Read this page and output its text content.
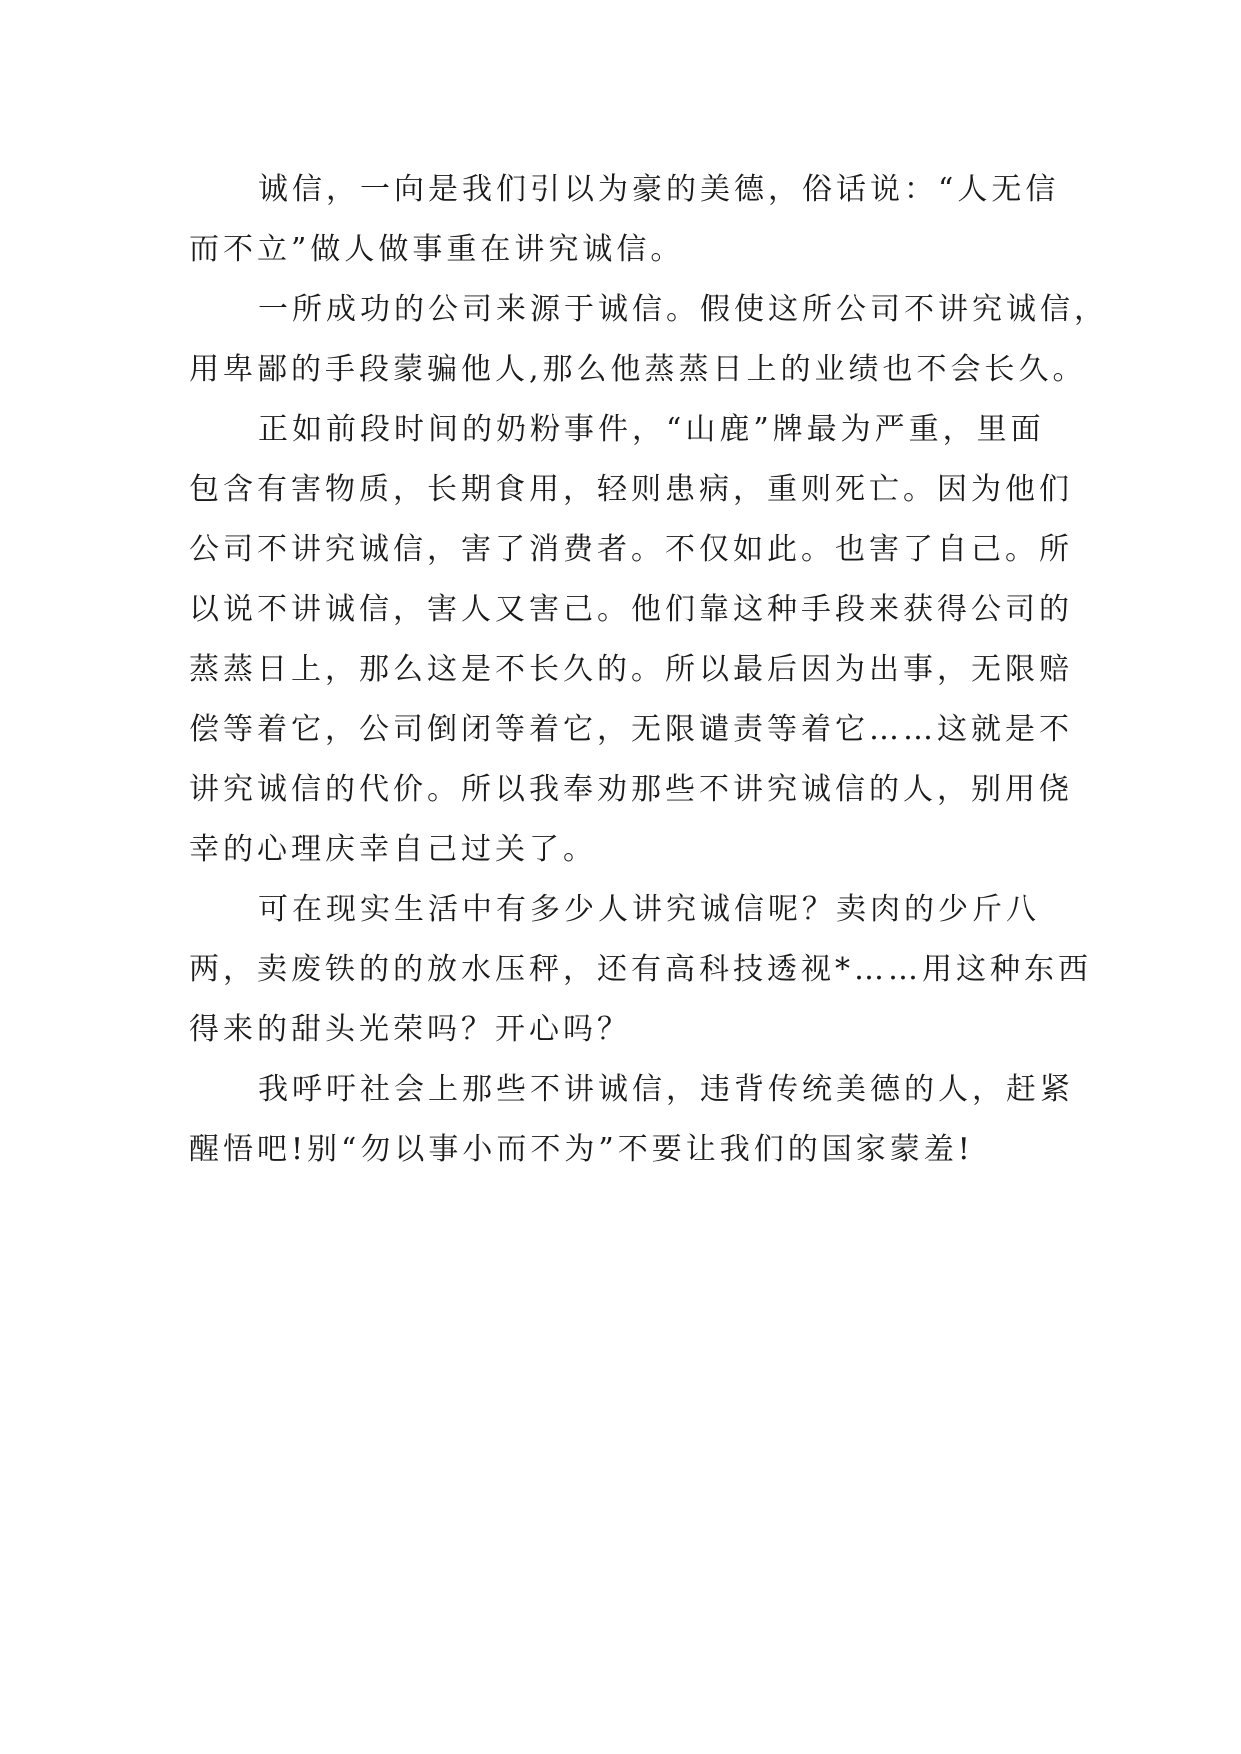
诚信，一向是我们引以为豪的美德，俗话说：“人无信
而不立”做人做事重在讲究诚信。
一所成功的公司来源于诚信。假使这所公司不讲究诚信，
用卑鄙的手段蒙骗他人,那么他蒸蒸日上的业绩也不会长久。
正如前段时间的奶粉事件，“山鹿”牌最为严重，里面
包含有害物质，长期食用，轻则患病，重则死亡。因为他们
公司不讲究诚信，害了消费者。不仅如此。也害了自己。所
以说不讲诚信，害人又害己。他们靠这种手段来获得公司的
蒸蒸日上，那么这是不长久的。所以最后因为出事，无限赔
偿等着它，公司倒闭等着它，无限谴责等着它……这就是不
讲究诚信的代价。所以我奉劝那些不讲究诚信的人，别用侥
幸的心理庆幸自己过关了。
可在现实生活中有多少人讲究诚信呢？卖肉的少斤八
两，卖废铁的的放水压秤，还有高科技透视*……用这种东西
得来的甜头光荣吗？开心吗？
我呼吁社会上那些不讲诚信，违背传统美德的人，赶紧
醒悟吧!别“勿以事小而不为”不要让我们的国家蒙羞!
